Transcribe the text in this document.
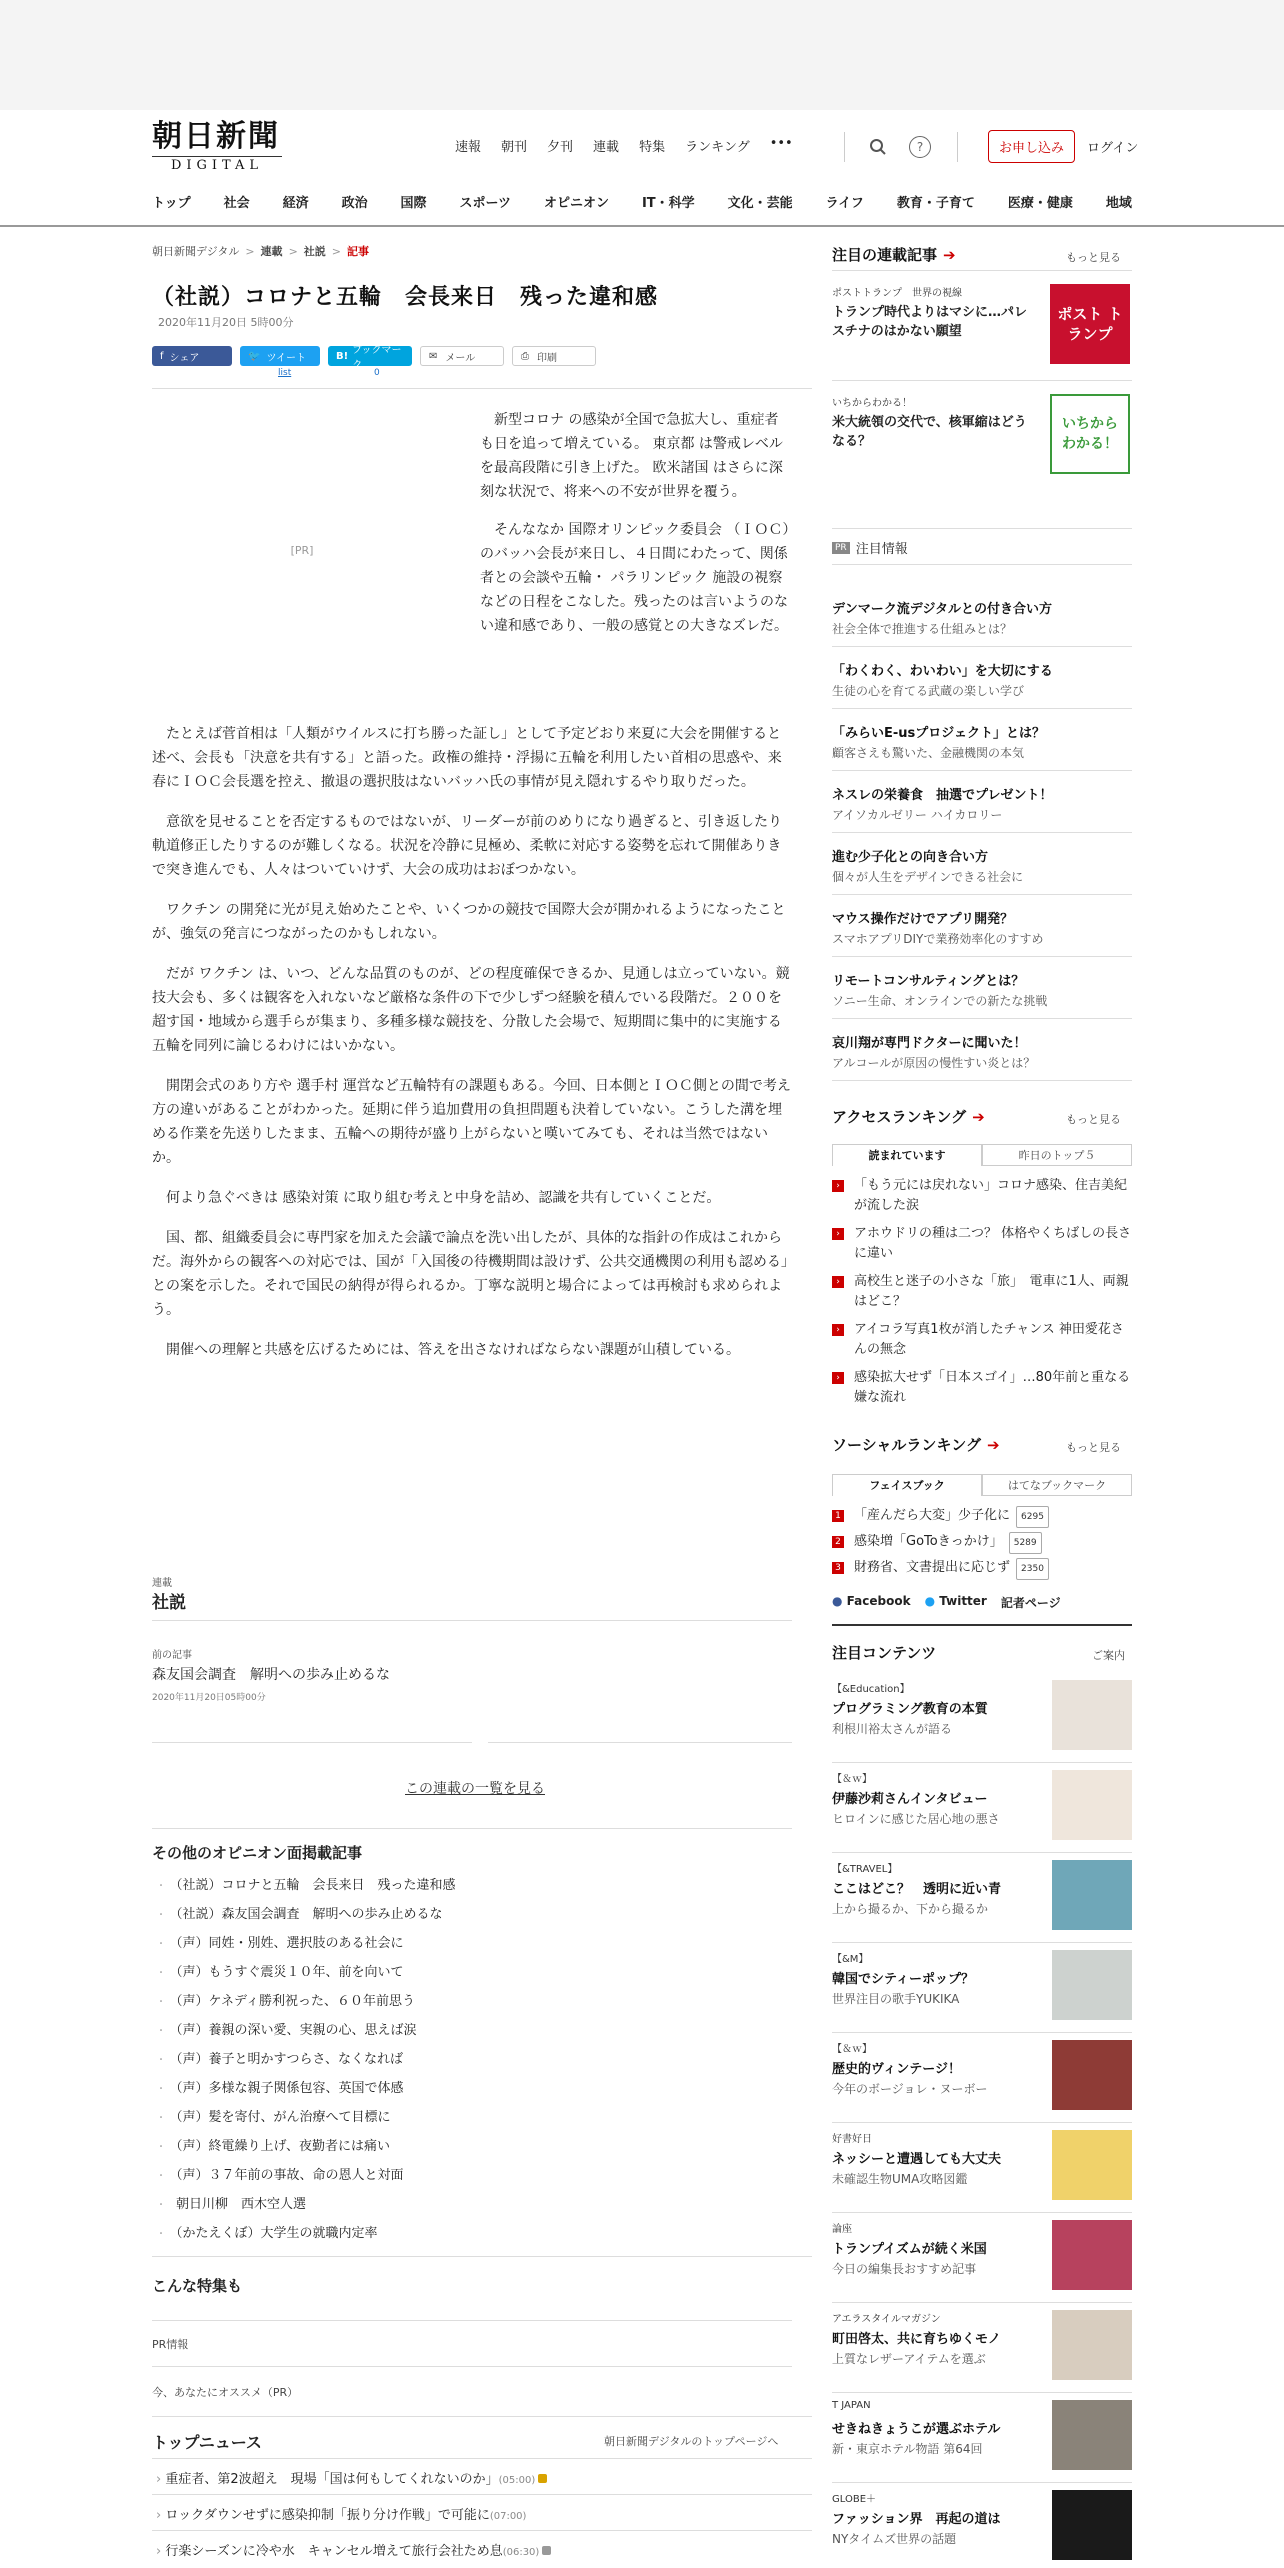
朝日新聞
DIGITAL
速報 朝刊 夕刊 連載 特集 ランキング •••	?	お申し込み	ログイン
トップ	社会	経済	政治	国際	スポーツ	オピニオン	IT・科学	文化・芸能	ライフ	教育・子育て	医療・健康	地域
朝日新聞デジタル > 連載 > 社説 > 記事
（社説）コロナと五輪　会長来日　残った違和感
2020年11月20日 5時00分
f シェア	🐦 ツイート	B! ブックマーク
✉ メール	⎙ 印刷
list	0
[PR]

新型コロナ の感染が全国で急拡大し、重症者も日を追って増えている。 東京都 は警戒レベルを最高段階に引き上げた。 欧米諸国 はさらに深刻な状況で、将来への不安が世界を覆う。

そんななか 国際オリンピック委員会 （ＩＯＣ）のバッハ会長が来日し、４日間にわたって、関係者との会談や五輪・ パラリンピック 施設の視察などの日程をこなした。残ったのは言いようのない違和感であり、一般の感覚との大きなズレだ。

たとえば菅首相は「人類がウイルスに打ち勝った証し」として予定どおり来夏に大会を開催すると述べ、会長も「決意を共有する」と語った。政権の維持・浮揚に五輪を利用したい首相の思惑や、来春にＩＯＣ会長選を控え、撤退の選択肢はないバッハ氏の事情が見え隠れするやり取りだった。

意欲を見せることを否定するものではないが、リーダーが前のめりになり過ぎると、引き返したり軌道修正したりするのが難しくなる。状況を冷静に見極め、柔軟に対応する姿勢を忘れて開催ありきで突き進んでも、人々はついていけず、大会の成功はおぼつかない。

ワクチン の開発に光が見え始めたことや、いくつかの競技で国際大会が開かれるようになったことが、強気の発言につながったのかもしれない。

だが ワクチン は、いつ、どんな品質のものが、どの程度確保できるか、見通しは立っていない。競技大会も、多くは観客を入れないなど厳格な条件の下で少しずつ経験を積んでいる段階だ。２００を超す国・地域から選手らが集まり、多種多様な競技を、分散した会場で、短期間に集中的に実施する五輪を同列に論じるわけにはいかない。

開閉会式のあり方や 選手村 運営など五輪特有の課題もある。今回、日本側とＩＯＣ側との間で考え方の違いがあることがわかった。延期に伴う追加費用の負担問題も決着していない。こうした溝を埋める作業を先送りしたまま、五輪への期待が盛り上がらないと嘆いてみても、それは当然ではないか。

何より急ぐべきは 感染対策 に取り組む考えと中身を詰め、認識を共有していくことだ。

国、都、組織委員会に専門家を加えた会議で論点を洗い出したが、具体的な指針の作成はこれからだ。海外からの観客への対応では、国が「入国後の待機期間は設けず、公共交通機関の利用も認める」との案を示した。それで国民の納得が得られるか。丁寧な説明と場合によっては再検討も求められよう。

開催への理解と共感を広げるためには、答えを出さなければならない課題が山積している。

連載
社説
前の記事
森友国会調査　解明への歩み止めるな
2020年11月20日05時00分
この連載の一覧を見る
その他のオピニオン面掲載記事
・ （社説）コロナと五輪　会長来日　残った違和感
・ （社説）森友国会調査　解明への歩み止めるな
・ （声）同姓・別姓、選択肢のある社会に
・ （声）もうすぐ震災１０年、前を向いて
・ （声）ケネディ勝利祝った、６０年前思う
・ （声）養親の深い愛、実親の心、思えば涙
・ （声）養子と明かすつらさ、なくなれば
・ （声）多様な親子関係包容、英国で体感
・ （声）髪を寄付、がん治療へて目標に
・ （声）終電繰り上げ、夜勤者には痛い
・ （声）３７年前の事故、命の恩人と対面
・ 朝日川柳　西木空人選
・ （かたえくぼ）大学生の就職内定率
こんな特集も
PR情報
今、あなたにオススメ（PR）
トップニュース	朝日新聞デジタルのトップページへ
› 重症者、第2波超え　現場「国は何もしてくれないのか」(05:00)
› ロックダウンせずに感染抑制「振り分け作戦」で可能に(07:00)
› 行楽シーズンに冷や水　キャンセル増えて旅行会社ため息(06:30)
注目の連載記事 ➔	もっと見る
ポストトランプ　世界の視線
トランプ時代よりはマシに…パレスチナのはかない願望
ポスト トランプ
いちからわかる！
米大統領の交代で、核軍縮はどうなる？
いちから わかる！
PR 注目情報
デンマーク流デジタルとの付き合い方
社会全体で推進する仕組みとは？
「わくわく、わいわい」を大切にする
生徒の心を育てる武蔵の楽しい学び
「みらいE-usプロジェクト」とは？
顧客さえも驚いた、金融機関の本気
ネスレの栄養食　抽選でプレゼント！
アイソカルゼリー ハイカロリー
進む少子化との向き合い方
個々が人生をデザインできる社会に
マウス操作だけでアプリ開発？
スマホアプリDIYで業務効率化のすすめ
リモートコンサルティングとは？
ソニー生命、オンラインでの新たな挑戦
哀川翔が専門ドクターに聞いた！
アルコールが原因の慢性すい炎とは？
アクセスランキング ➔	もっと見る
読まれています	昨日のトップ５
›	「もう元には戻れない」コロナ感染、住吉美紀が流した涙
›	アホウドリの種は二つ？ 体格やくちばしの長さに違い
›	高校生と迷子の小さな「旅」　電車に1人、両親はどこ？
›	アイコラ写真1枚が消したチャンス 神田愛花さんの無念
›	感染拡大せず「日本スゴイ」…80年前と重なる嫌な流れ
ソーシャルランキング ➔	もっと見る
フェイスブック	はてなブックマーク
1 「産んだら大変」少子化に	6295
2 感染増「GoToきっかけ」	5289
3 財務省、文書提出に応じず	2350
● Facebook ● Twitter 記者ページ
注目コンテンツ	ご案内
【&Education】
プログラミング教育の本質
利根川裕太さんが語る
【＆ｗ】
伊藤沙莉さんインタビュー
ヒロインに感じた居心地の悪さ
【&TRAVEL】
ここはどこ？　透明に近い青
上から撮るか、下から撮るか
【&M】
韓国でシティーポップ？
世界注目の歌手YUKIKA
【＆ｗ】
歴史的ヴィンテージ！
今年のボージョレ・ヌーボー
好書好日
ネッシーと遭遇しても大丈夫
未確認生物UMA攻略図鑑
論座
トランプイズムが続く米国
今日の編集長おすすめ記事
アエラスタイルマガジン
町田啓太、共に育ちゆくモノ
上質なレザーアイテムを選ぶ
T JAPAN
せきねきょうこが選ぶホテル
新・東京ホテル物語 第64回
GLOBE＋
ファッション界　再起の道は
NYタイムズ世界の話題
